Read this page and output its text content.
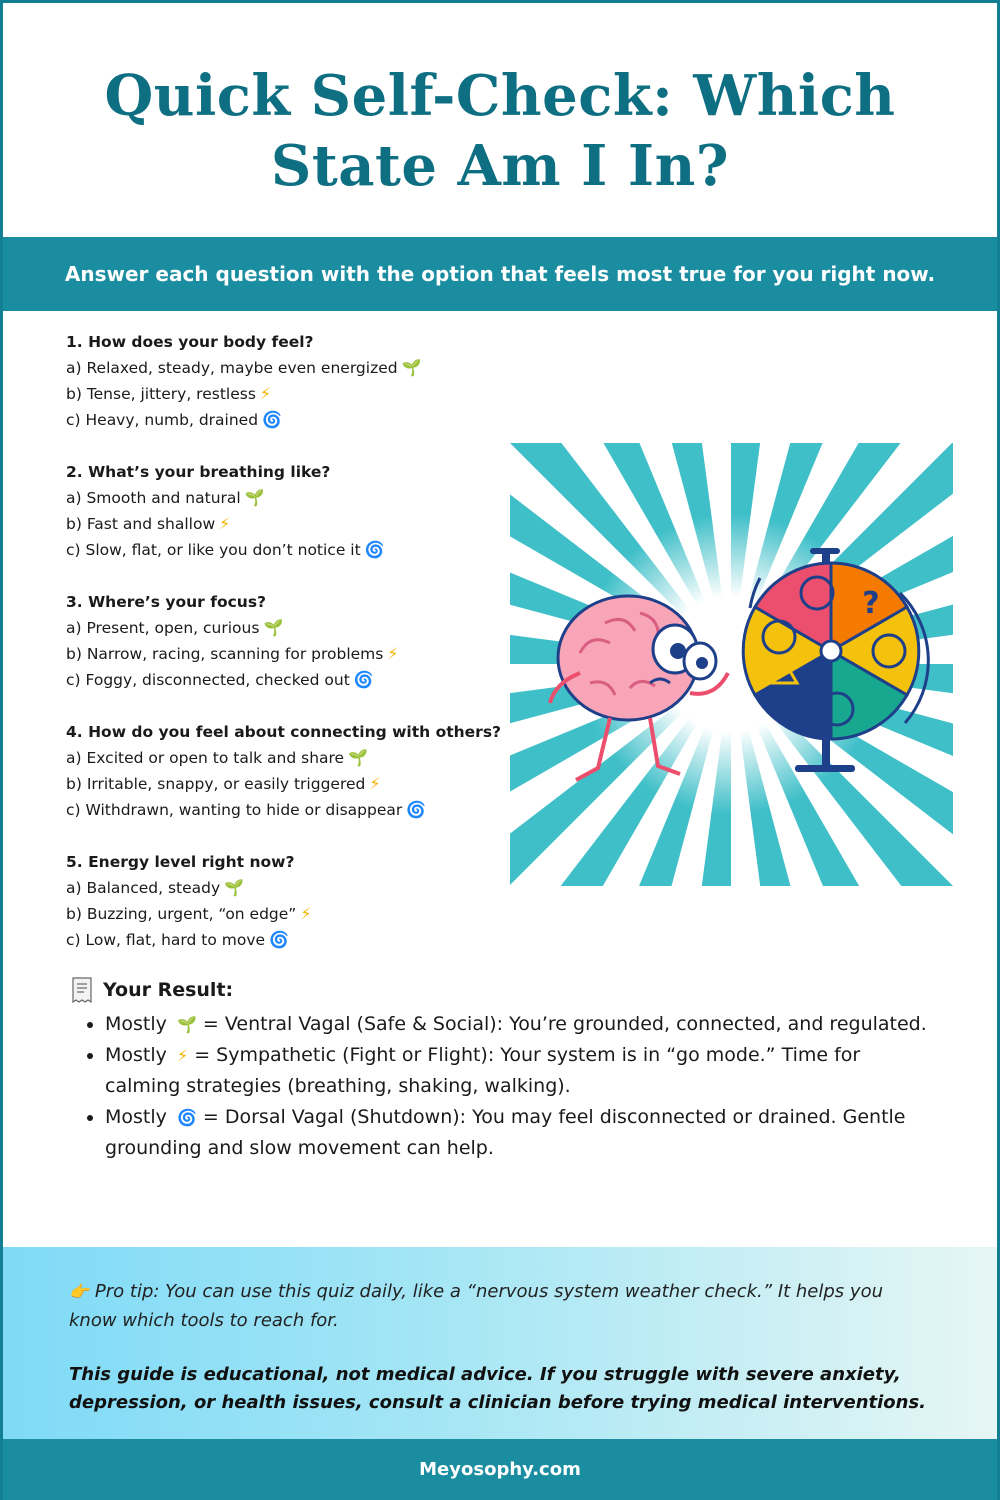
Quick Self-Check: Which
State Am I In?
Answer each question with the option that feels most true for you right now.
1. How does your body feel?
a) Relaxed, steady, maybe even energized 🌱
b) Tense, jittery, restless ⚡
c) Heavy, numb, drained 🌀
2. What’s your breathing like?
a) Smooth and natural 🌱
b) Fast and shallow ⚡
c) Slow, flat, or like you don’t notice it 🌀
3. Where’s your focus?
a) Present, open, curious 🌱
b) Narrow, racing, scanning for problems ⚡
c) Foggy, disconnected, checked out 🌀
4. How do you feel about connecting with others?
a) Excited or open to talk and share 🌱
b) Irritable, snappy, or easily triggered ⚡
c) Withdrawn, wanting to hide or disappear 🌀
5. Energy level right now?
a) Balanced, steady 🌱
b) Buzzing, urgent, “on edge” ⚡
c) Low, flat, hard to move 🌀
?
Your Result:
• Mostly 🌱 = Ventral Vagal (Safe & Social): You’re grounded, connected, and regulated.
• Mostly ⚡ = Sympathetic (Fight or Flight): Your system is in “go mode.” Time for calming strategies (breathing, shaking, walking).
• Mostly 🌀 = Dorsal Vagal (Shutdown): You may feel disconnected or drained. Gentle grounding and slow movement can help.

👉 Pro tip: You can use this quiz daily, like a “nervous system weather check.” It helps you know which tools to reach for.

This guide is educational, not medical advice. If you struggle with severe anxiety, depression, or health issues, consult a clinician before trying medical interventions.

Meyosophy.com
